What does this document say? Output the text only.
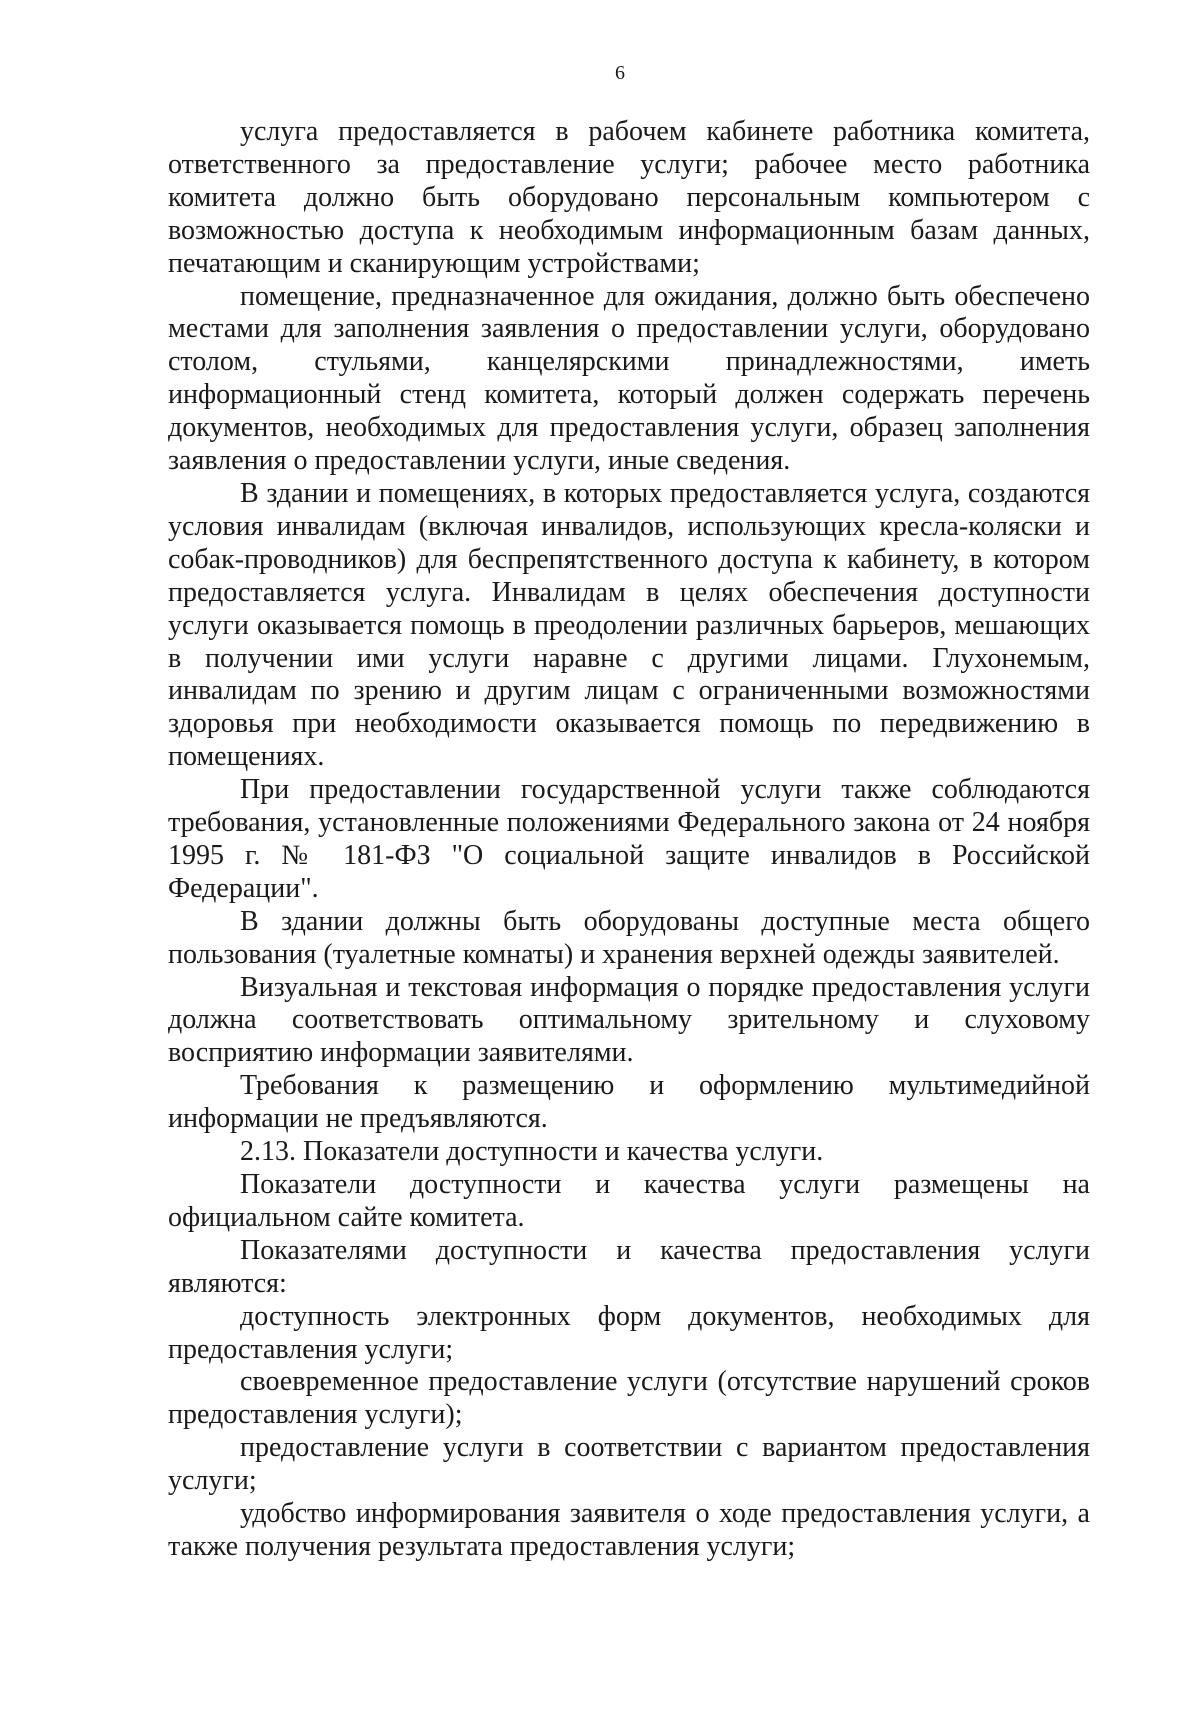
6

услуга предоставляется в рабочем кабинете работника комитета, ответственного за предоставление услуги; рабочее место работника комитета должно быть оборудовано персональным компьютером с возможностью доступа к необходимым информационным базам данных, печатающим и сканирующим устройствами;

помещение, предназначенное для ожидания, должно быть обеспечено местами для заполнения заявления о предоставлении услуги, оборудовано столом, стульями, канцелярскими принадлежностями, иметь информационный стенд комитета, который должен содержать перечень документов, необходимых для предоставления услуги, образец заполнения заявления о предоставлении услуги, иные сведения.

В здании и помещениях, в которых предоставляется услуга, создаются условия инвалидам (включая инвалидов, использующих кресла-коляски и собак-проводников) для беспрепятственного доступа к кабинету, в котором предоставляется услуга. Инвалидам в целях обеспечения доступности услуги оказывается помощь в преодолении различных барьеров, мешающих в получении ими услуги наравне с другими лицами. Глухонемым, инвалидам по зрению и другим лицам с ограниченными возможностями здоровья при необходимости оказывается помощь по передвижению в помещениях.

При предоставлении государственной услуги также соблюдаются требования, установленные положениями Федерального закона от 24 ноября 1995 г. № 181-ФЗ "О социальной защите инвалидов в Российской Федерации".

В здании должны быть оборудованы доступные места общего пользования (туалетные комнаты) и хранения верхней одежды заявителей.

Визуальная и текстовая информация о порядке предоставления услуги должна соответствовать оптимальному зрительному и слуховому восприятию информации заявителями.

Требования к размещению и оформлению мультимедийной информации не предъявляются.

2.13. Показатели доступности и качества услуги.

Показатели доступности и качества услуги размещены на официальном сайте комитета.

Показателями доступности и качества предоставления услуги являются:

доступность электронных форм документов, необходимых для предоставления услуги;

своевременное предоставление услуги (отсутствие нарушений сроков предоставления услуги);

предоставление услуги в соответствии с вариантом предоставления услуги;

удобство информирования заявителя о ходе предоставления услуги, а также получения результата предоставления услуги;
